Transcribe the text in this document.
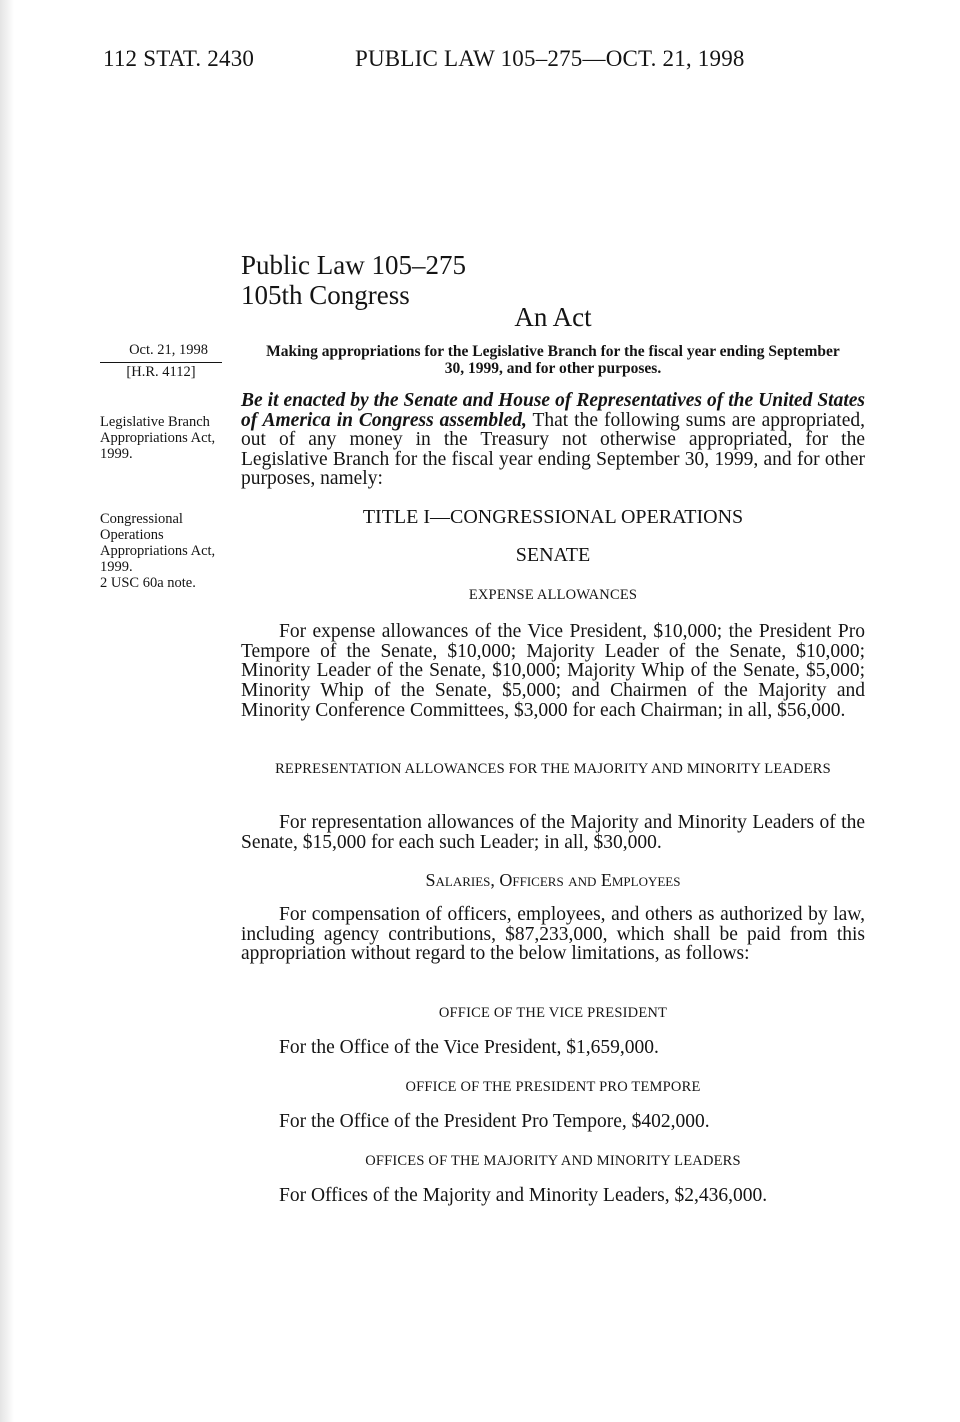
112 STAT. 2430	PUBLIC LAW 105–275—OCT. 21, 1998
Public Law 105–275
105th Congress
An Act
Oct. 21, 1998
[H.R. 4112]
Legislative Branch Appropriations Act, 1999.
Congressional Operations Appropriations Act, 1999.
2 USC 60a note.
Making appropriations for the Legislative Branch for the fiscal year ending September 30, 1999, and for other purposes.
Be it enacted by the Senate and House of Representatives of the United States of America in Congress assembled, That the following sums are appropriated, out of any money in the Treasury not otherwise appropriated, for the Legislative Branch for the fiscal year ending September 30, 1999, and for other purposes, namely:
TITLE I—CONGRESSIONAL OPERATIONS
SENATE
EXPENSE ALLOWANCES
For expense allowances of the Vice President, $10,000; the President Pro Tempore of the Senate, $10,000; Majority Leader of the Senate, $10,000; Minority Leader of the Senate, $10,000; Majority Whip of the Senate, $5,000; Minority Whip of the Senate, $5,000; and Chairmen of the Majority and Minority Conference Committees, $3,000 for each Chairman; in all, $56,000.
REPRESENTATION ALLOWANCES FOR THE MAJORITY AND MINORITY LEADERS
For representation allowances of the Majority and Minority Leaders of the Senate, $15,000 for each such Leader; in all, $30,000.
Salaries, Officers and Employees
For compensation of officers, employees, and others as authorized by law, including agency contributions, $87,233,000, which shall be paid from this appropriation without regard to the below limitations, as follows:
OFFICE OF THE VICE PRESIDENT
For the Office of the Vice President, $1,659,000.
OFFICE OF THE PRESIDENT PRO TEMPORE
For the Office of the President Pro Tempore, $402,000.
OFFICES OF THE MAJORITY AND MINORITY LEADERS
For Offices of the Majority and Minority Leaders, $2,436,000.
